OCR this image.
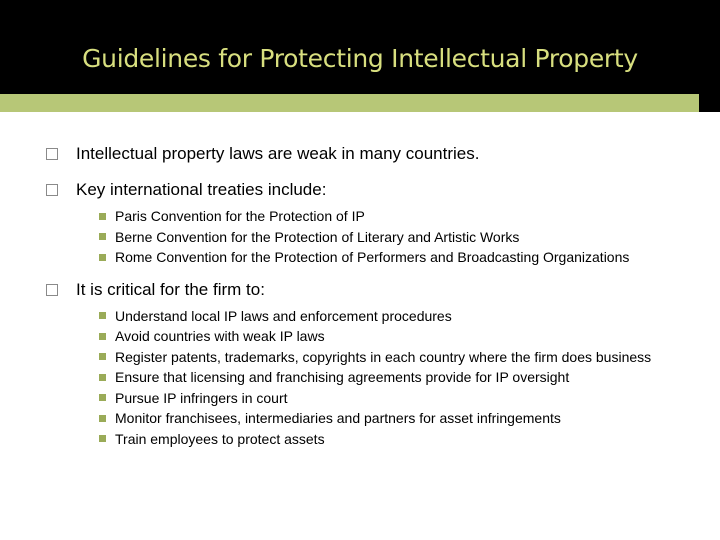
Guidelines for Protecting Intellectual Property
Intellectual property laws are weak in many countries.
Key international treaties include:
Paris Convention for the Protection of IP
Berne Convention for the Protection of Literary and Artistic Works
Rome Convention for the Protection of Performers and Broadcasting Organizations
It is critical for the firm to:
Understand local IP laws and enforcement procedures
Avoid countries with weak IP laws
Register patents, trademarks, copyrights in each country where the firm does business
Ensure that licensing and franchising agreements provide for IP oversight
Pursue IP infringers in court
Monitor franchisees, intermediaries and partners for asset infringements
Train employees to protect assets
